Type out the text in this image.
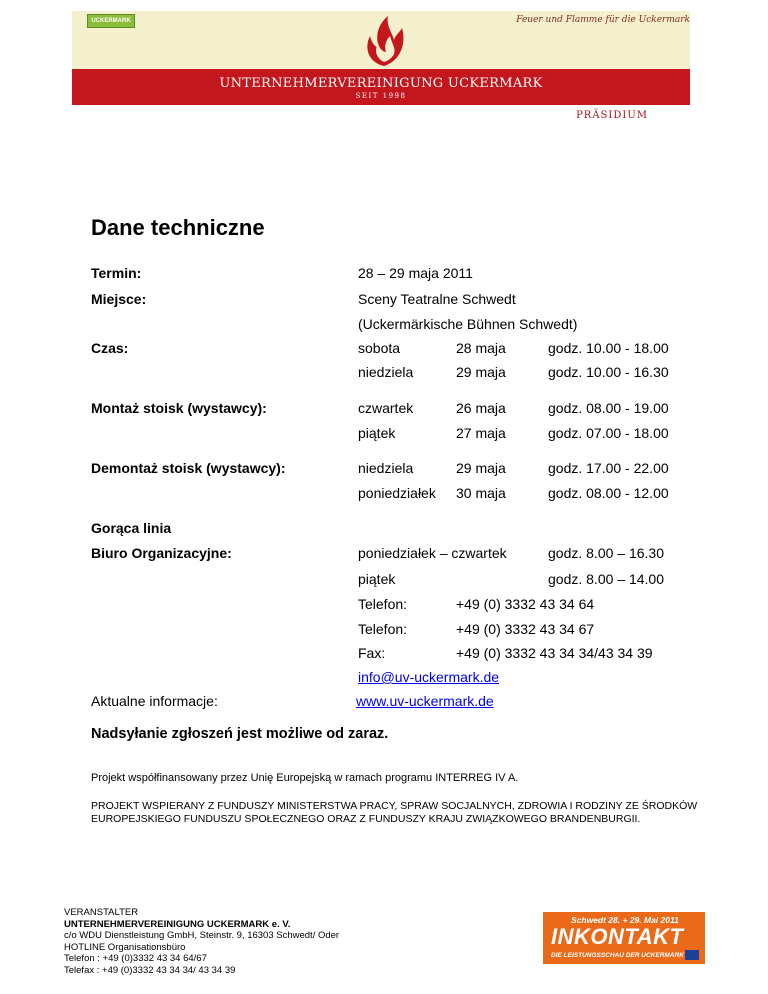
UCKERMARK	Feuer und Flamme für die Uckermark
UNTERNEHMERVEREINIGUNG UCKERMARK
SEIT 1998
PRÄSIDIUM
Dane techniczne
Termin:	28 – 29 maja 2011
Miejsce:	Sceny Teatralne Schwedt
(Uckermärkische Bühnen Schwedt)
Czas:	sobota	28 maja	godz. 10.00 - 18.00
niedziela	29 maja	godz. 10.00 - 16.30
Montaż stoisk (wystawcy):	czwartek	26 maja	godz. 08.00 - 19.00
piątek	27 maja	godz. 07.00 - 18.00
Demontaż stoisk (wystawcy):	niedziela	29 maja	godz. 17.00 - 22.00
poniedziałek 30 maja	godz. 08.00 - 12.00
Gorąca linia
Biuro Organizacyjne:	poniedziałek – czwartek	godz. 8.00 – 16.30
piątek	godz. 8.00 – 14.00
Telefon:	+49 (0) 3332 43 34 64
Telefon:	+49 (0) 3332 43 34 67
Fax:	+49 (0) 3332 43 34 34/43 34 39
info@uv-uckermark.de
Aktualne informacje:	www.uv-uckermark.de
Nadsyłanie zgłoszeń jest możliwe od zaraz.
Projekt współfinansowany przez Unię Europejską w ramach programu INTERREG IV A.
PROJEKT WSPIERANY Z FUNDUSZY MINISTERSTWA PRACY, SPRAW SOCJALNYCH, ZDROWIA I RODZINY ZE ŚRODKÓW EUROPEJSKIEGO FUNDUSZU SPOŁECZNEGO ORAZ Z FUNDUSZY KRAJU ZWIĄZKOWEGO BRANDENBURGII.
VERANSTALTER
UNTERNEHMERVEREINIGUNG UCKERMARK e. V.
c/o WDU Dienstleistung GmbH, Steinstr. 9, 16303 Schwedt/ Oder
HOTLINE Organisationsbüro
Telefon : +49 (0)3332 43 34 64/67
Telefax : +49 (0)3332 43 34 34/ 43 34 39
Schwedt 28. + 29. Mai 2011
INKONTAKT
DIE LEISTUNGSSCHAU DER UCKERMARK
